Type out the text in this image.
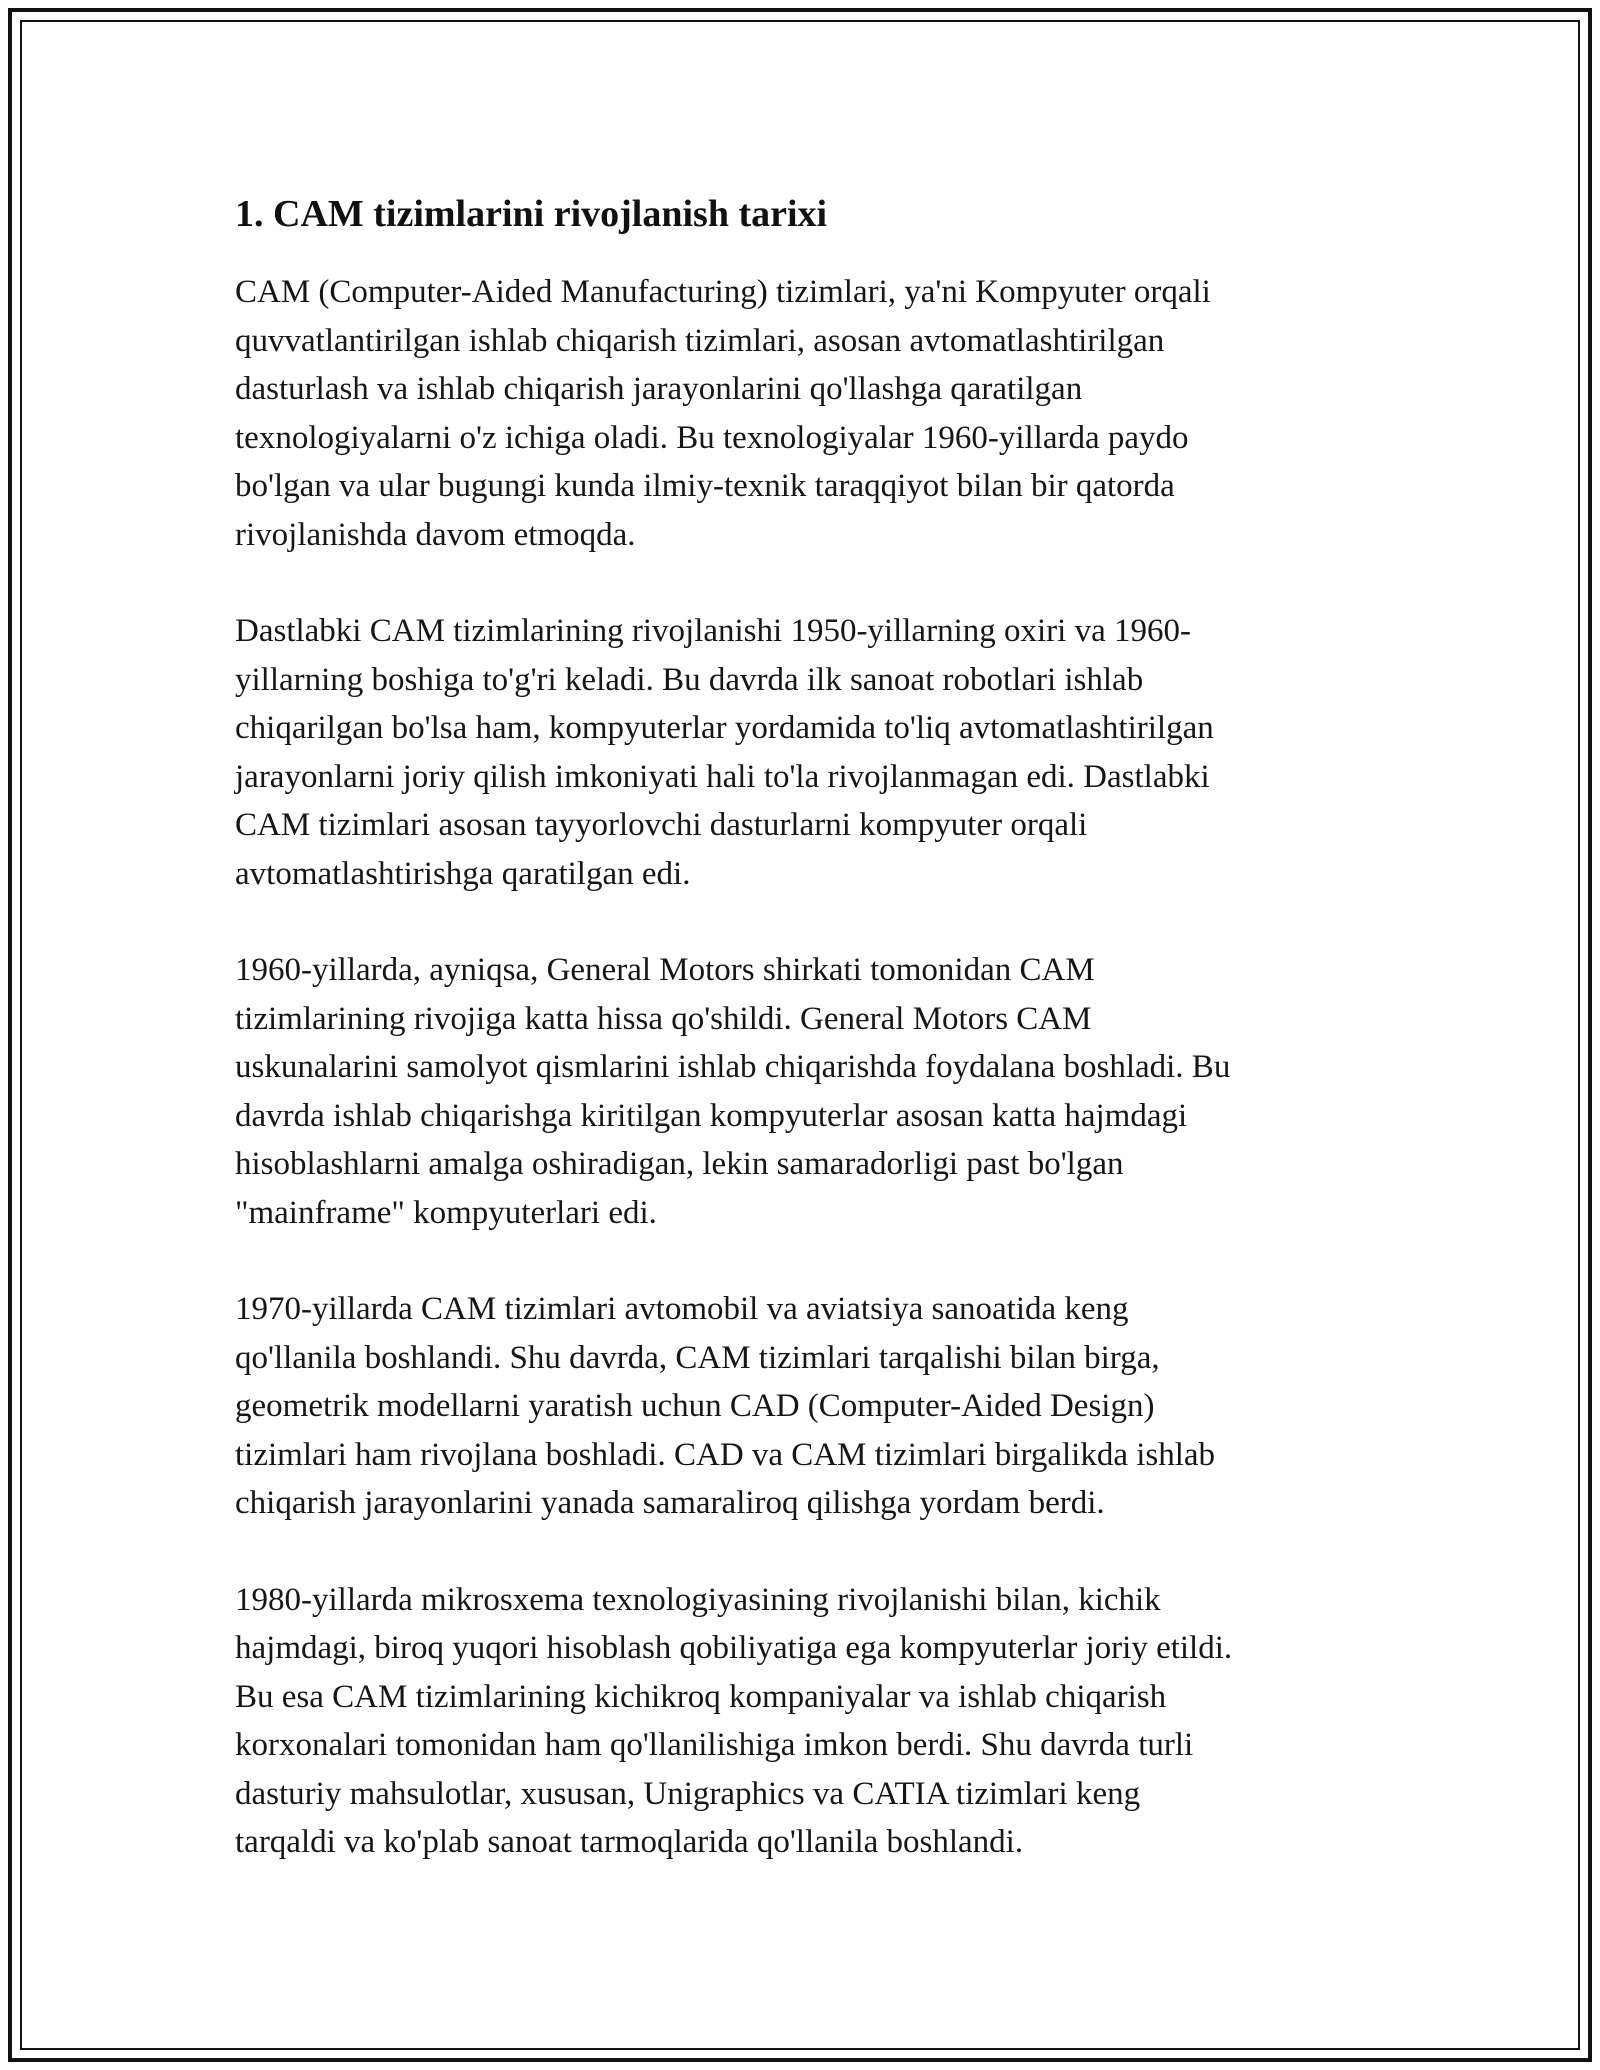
1. CAM tizimlarini rivojlanish tarixi

CAM (Computer-Aided Manufacturing) tizimlari, ya'ni Kompyuter orqali
quvvatlantirilgan ishlab chiqarish tizimlari, asosan avtomatlashtirilgan
dasturlash va ishlab chiqarish jarayonlarini qo'llashga qaratilgan
texnologiyalarni o'z ichiga oladi. Bu texnologiyalar 1960-yillarda paydo
bo'lgan va ular bugungi kunda ilmiy-texnik taraqqiyot bilan bir qatorda
rivojlanishda davom etmoqda.

Dastlabki CAM tizimlarining rivojlanishi 1950-yillarning oxiri va 1960-
yillarning boshiga to'g'ri keladi. Bu davrda ilk sanoat robotlari ishlab
chiqarilgan bo'lsa ham, kompyuterlar yordamida to'liq avtomatlashtirilgan
jarayonlarni joriy qilish imkoniyati hali to'la rivojlanmagan edi. Dastlabki
CAM tizimlari asosan tayyorlovchi dasturlarni kompyuter orqali
avtomatlashtirishga qaratilgan edi.

1960-yillarda, ayniqsa, General Motors shirkati tomonidan CAM
tizimlarining rivojiga katta hissa qo'shildi. General Motors CAM
uskunalarini samolyot qismlarini ishlab chiqarishda foydalana boshladi. Bu
davrda ishlab chiqarishga kiritilgan kompyuterlar asosan katta hajmdagi
hisoblashlarni amalga oshiradigan, lekin samaradorligi past bo'lgan
"mainframe" kompyuterlari edi.

1970-yillarda CAM tizimlari avtomobil va aviatsiya sanoatida keng
qo'llanila boshlandi. Shu davrda, CAM tizimlari tarqalishi bilan birga,
geometrik modellarni yaratish uchun CAD (Computer-Aided Design)
tizimlari ham rivojlana boshladi. CAD va CAM tizimlari birgalikda ishlab
chiqarish jarayonlarini yanada samaraliroq qilishga yordam berdi.

1980-yillarda mikrosxema texnologiyasining rivojlanishi bilan, kichik
hajmdagi, biroq yuqori hisoblash qobiliyatiga ega kompyuterlar joriy etildi.
Bu esa CAM tizimlarining kichikroq kompaniyalar va ishlab chiqarish
korxonalari tomonidan ham qo'llanilishiga imkon berdi. Shu davrda turli
dasturiy mahsulotlar, xususan, Unigraphics va CATIA tizimlari keng
tarqaldi va ko'plab sanoat tarmoqlarida qo'llanila boshlandi.
